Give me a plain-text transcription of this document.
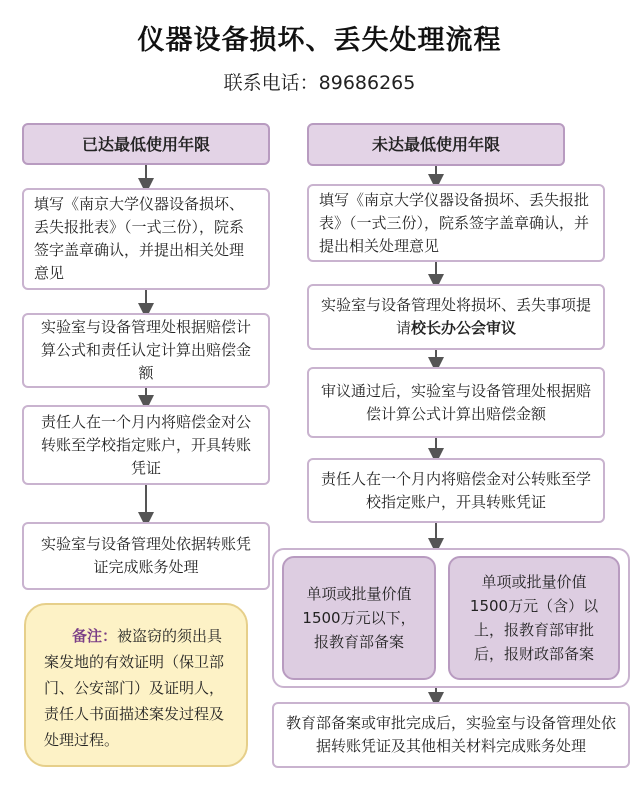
仪器设备损坏、丢失处理流程
联系电话：89686265
已达最低使用年限
填写《南京大学仪器设备损坏、丢失报批表》（一式三份），院系签字盖章确认，并提出相关处理意见
实验室与设备管理处根据赔偿计算公式和责任认定计算出赔偿金额
责任人在一个月内将赔偿金对公转账至学校指定账户，开具转账凭证
实验室与设备管理处依据转账凭证完成账务处理
备注：被盗窃的须出具案发地的有效证明（保卫部门、公安部门）及证明人，责任人书面描述案发过程及处理过程。
未达最低使用年限
填写《南京大学仪器设备损坏、丢失报批表》（一式三份），院系签字盖章确认，并提出相关处理意见
实验室与设备管理处将损坏、丢失事项提请校长办公会审议
审议通过后，实验室与设备管理处根据赔偿计算公式计算出赔偿金额
责任人在一个月内将赔偿金对公转账至学校指定账户，开具转账凭证
单项或批量价值1500万元以下，报教育部备案
单项或批量价值1500万元（含）以上，报教育部审批后，报财政部备案
教育部备案或审批完成后，实验室与设备管理处依据转账凭证及其他相关材料完成账务处理
